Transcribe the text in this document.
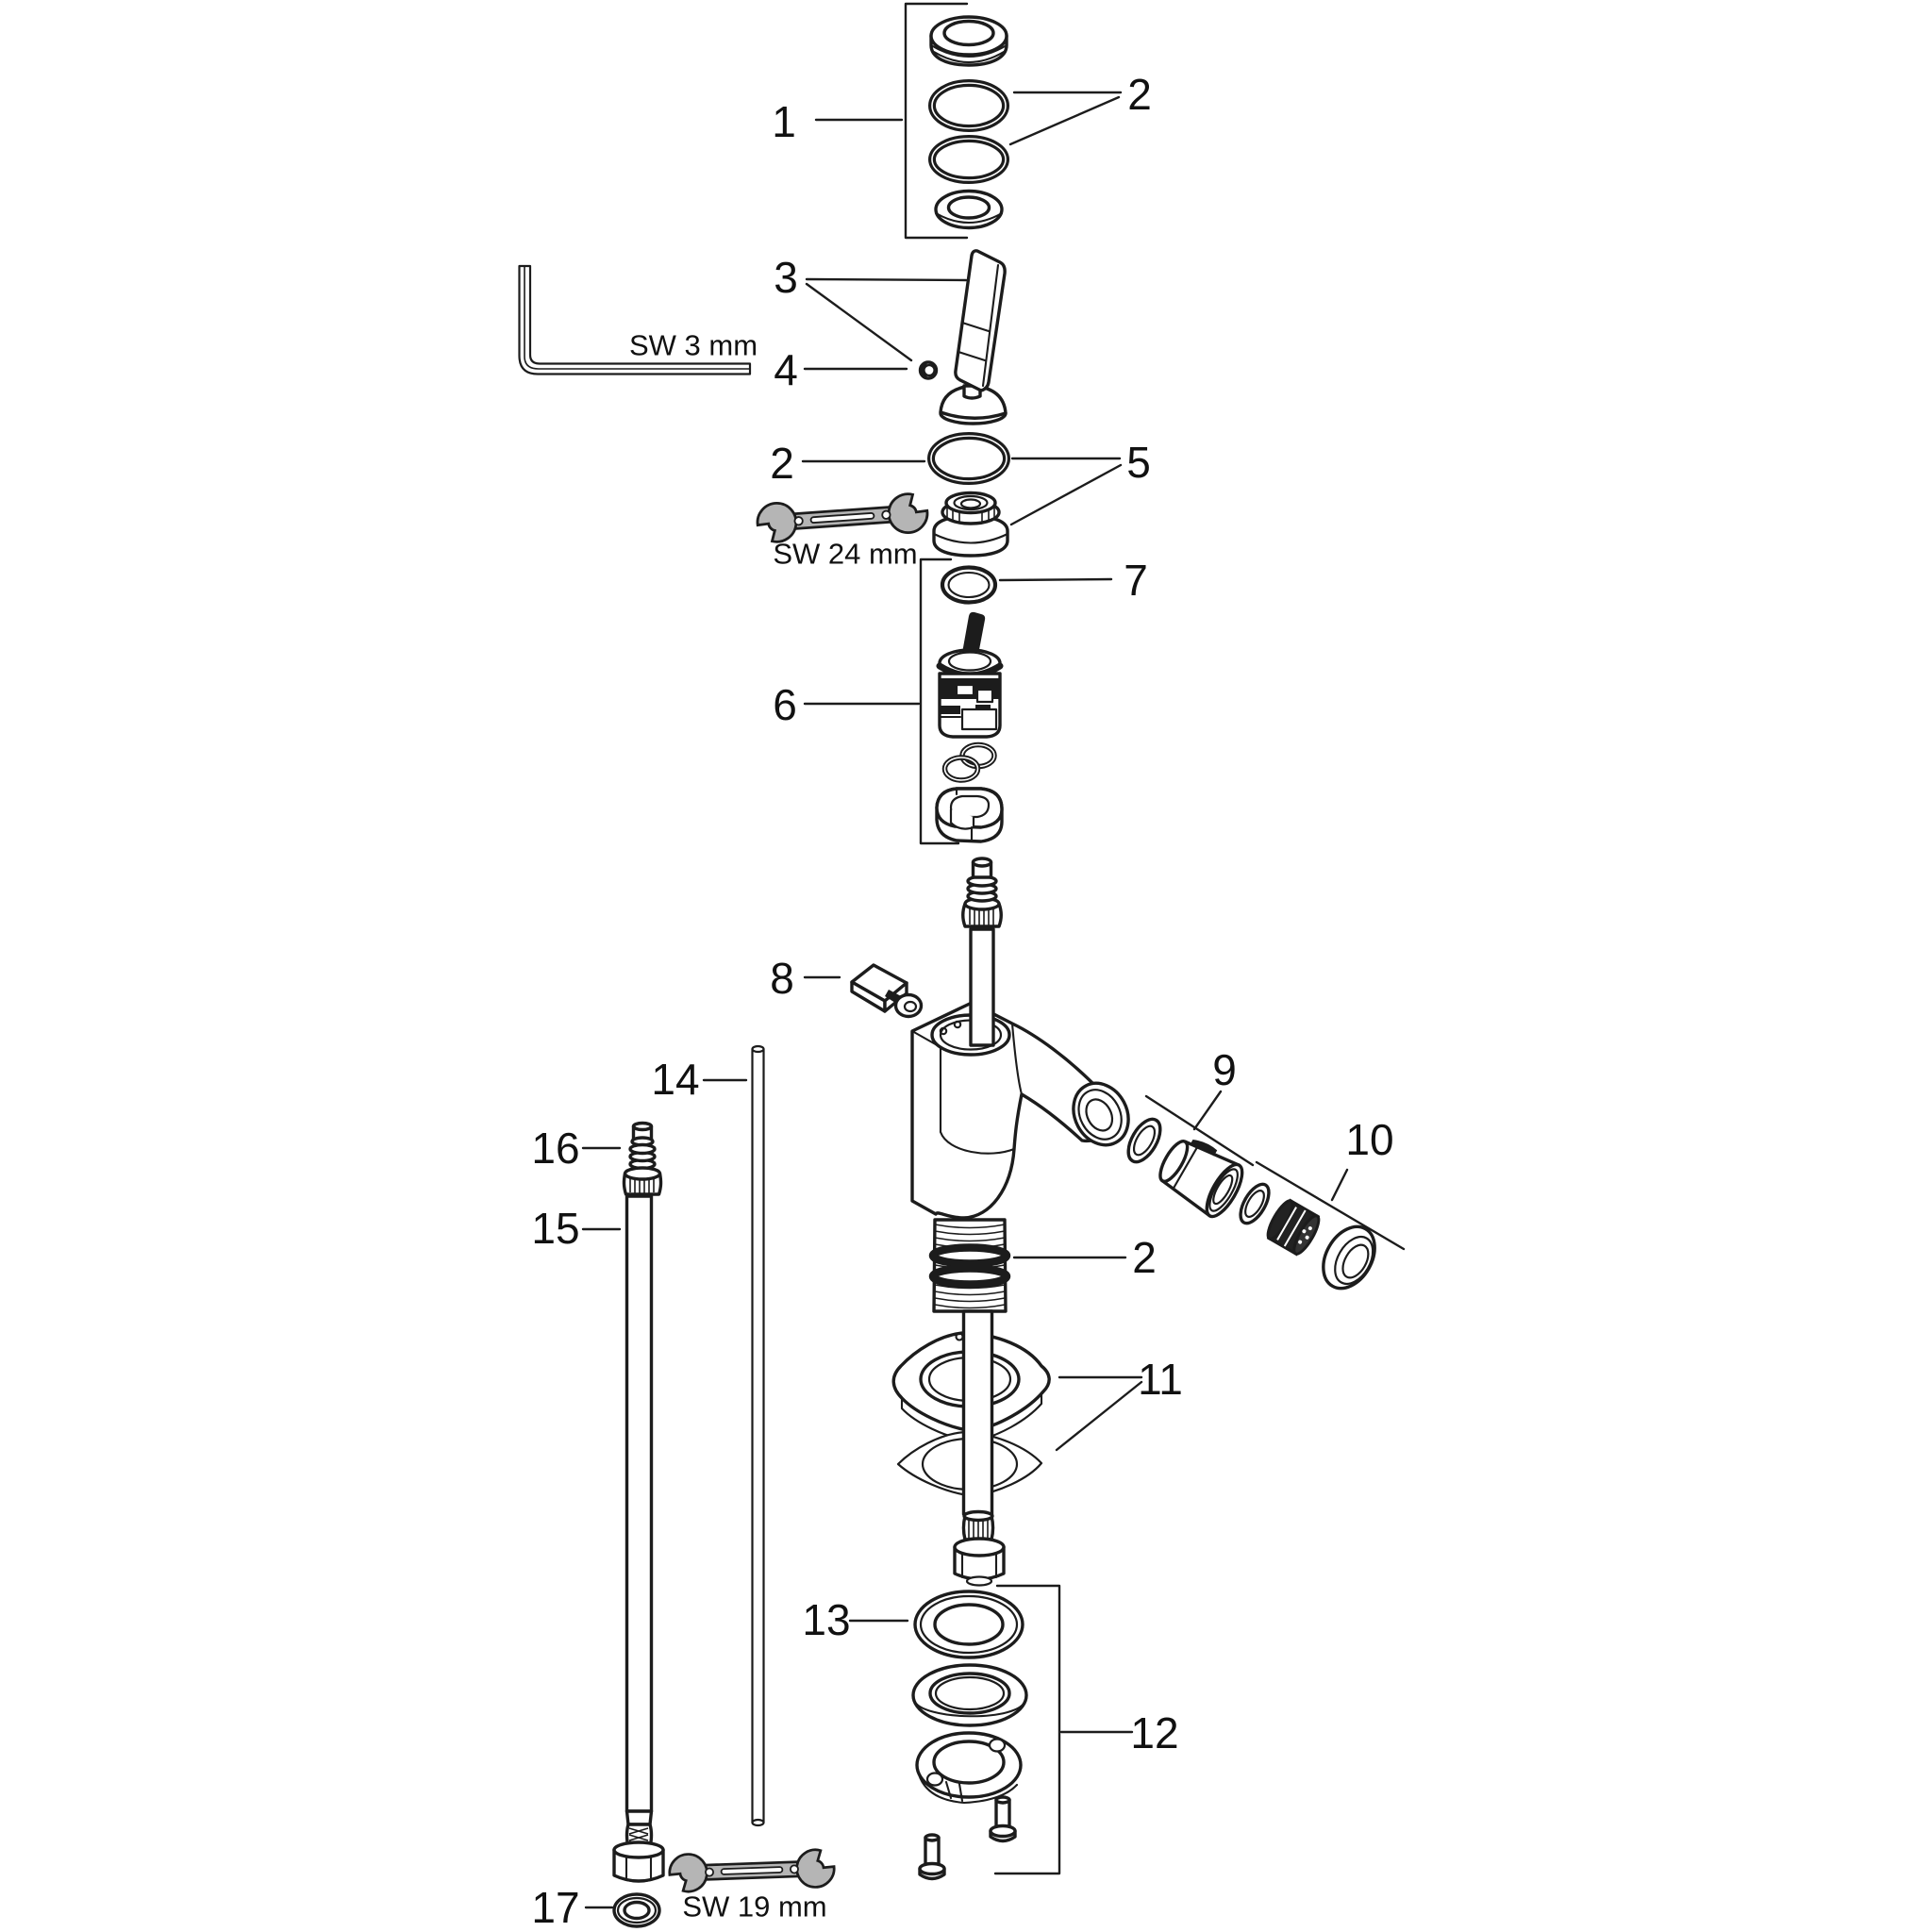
1
2
3
4
SW 3 mm
2
SW 24 mm
5
7
6
8
9
10
2
11
13
12
14
16
15
17	SW 19 mm
